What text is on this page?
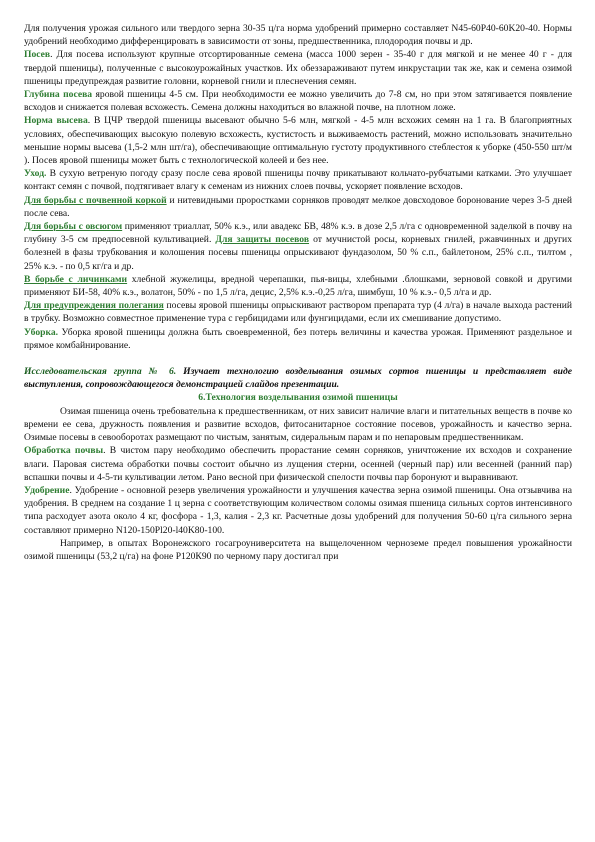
Для получения урожая сильного или твердого зерна 30-35 ц/га норма удобрений примерно составляет N45-60P40-60K20-40. Нормы удобрений необходимо дифференцировать в зависимости от зоны, предшественника, плодородия почвы и др.

Посев. Для посева используют крупные отсортированные семена (масса 1000 зерен - 35-40 г для мягкой и не менее 40 г - для твердой пшеницы), полученные с высокоурожайных участков. Их обеззараживают путем инкрустации так же, как и семена озимой пшеницы предупреждая развитие головни, корневой гнили и плеснevения семян.

Глубина посева яровой пшеницы 4-5 см. При необходимости ее можно увеличить до 7-8 см, но при этом затягивается появление всходов и снижается полевая всхожесть. Семена должны находиться во влажной почве, на плотном ложе.

Норма высева. В ЦЧР твердой пшеницы высевают обычно 5-6 млн, мягкой - 4-5 млн всхожих семян на 1 га. В благоприятных условиях, обеспечивающих высокую полевую всхожесть, кустистость и выживаемость растений, можно использовать значительно меньшие нормы высева (1,5-2 млн шт/га), обеспечивающие оптимальную густоту продуктивного стеблестоя к уборке (450-550 шт/м ). Посев яровой пшеницы может быть с технологической колеей и без нее.

Уход. В сухую ветреную погоду сразу после сева яровой пшеницы почву прикатывают кольчато-рубчатыми катками. Это улучшает контакт семян с почвой, подтягивает влагу к семенам из нижних слоев почвы, ускоряет появление всходов.

Для борьбы с почвенной коркой и нитевидными проростками сорняков проводят мелкое довсходовое боронование через 3-5 дней после сева.

Для борьбы с овсюгом применяют триаллат, 50% к.э., или авадекс БВ, 48% к.э. в дозе 2,5 л/га с одновременной заделкой в почву на глубину 3-5 см предпосевной культивацией. Для защиты посевов от мучнистой росы, корневых гнилей, ржавчинных и других болезней в фазы трубкования и колошения посевы пшеницы опрыскивают фундазолом, 50 % с.п., байлетоном, 25% с.п., тилтом , 25% к.э. - по 0,5 кг/га и др.

В борьбе с личинками хлебной жужелицы, вредной черепашки, пья-вицы, хлебными .блошками, зерновой совкой и другими применяют БИ-58, 40% к.э., волатон, 50% - по 1,5 л/га, децис, 2,5% к.э.-0,25 л/га, шимбуш, 10 % к.э.- 0,5 л/га и др.

Для предупреждения полегания посевы яровой пшеницы опрыскивают раствором препарата тур (4 л/га) в начале выхода растений в трубку. Возможно совместное применение тура с гербицидами или фунгицидами, если их смешивание допустимо.

Уборка. Уборка яровой пшеницы должна быть своевременной, без потерь величины и качества урожая. Применяют раздельное и прямое комбайнирование.

Исследовательская группа № 6. Изучает технологию возделывания озимых сортов пшеницы и представляет виде выступления, сопровождающегося демонстрацией слайдов презентации.

6.Технология возделывания озимой пшеницы

Озимая пшеница очень требовательна к предшественникам, от них зависит наличие влаги и питательных веществ в почве ко времени ее сева, дружность появления и развитие всходов, фитосанитарное состояние посевов, урожайность и качество зерна. Озимые посевы в севооборотах размещают по чистым, занятым, сидеральным парам и по непаровым предшественникам.

Обработка почвы. В чистом пару необходимо обеспечить прорастание семян сорняков, уничтожение их всходов и сохранение влаги. Паровая система обработки почвы состоит обычно из лущения стерни, осенней (черный пар) или весенней (ранний пар) вспашки почвы и 4-5-ти культивации летом. Рано весной при физической спелости почвы пар боронуют и выравнивают.

Удобрение. Удобрение - основной резерв увеличения урожайности и улучшения качества зерна озимой пшеницы. Она отзывчива на удобрения. В среднем на создание 1 ц зерна с соответствующим количеством соломы озимая пшеница сильных сортов интенсивного типа расходует азота около 4 кг, фосфора - 1,3, калия - 2,3 кг. Расчетные дозы удобрений для получения 50-60 ц/га сильного зерна составляют примерно N120-150Pl20-l40K80-100.

Например, в опытах Воронежского госагроуниверситета на выщелоченном черноземе предел повышения урожайности озимой пшеницы (53,2 ц/га) на фоне Р120К90 по черному пару достигал при
